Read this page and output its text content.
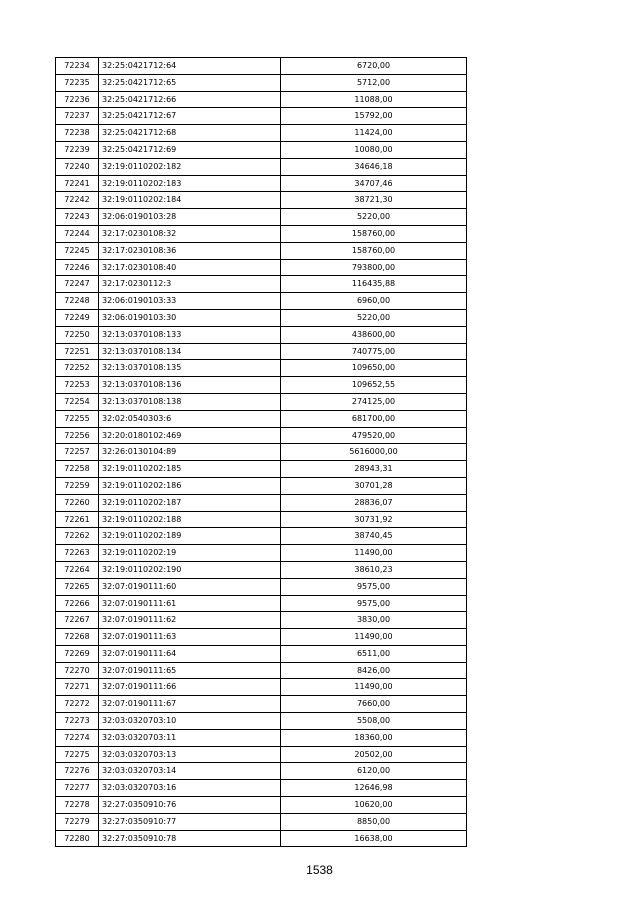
72234	32:25:0421712:64	6720,00
72235	32:25:0421712:65	5712,00
72236	32:25:0421712:66	11088,00
72237	32:25:0421712:67	15792,00
72238	32:25:0421712:68	11424,00
72239	32:25:0421712:69	10080,00
72240	32:19:0110202:182	34646,18
72241	32:19:0110202:183	34707,46
72242	32:19:0110202:184	38721,30
72243	32:06:0190103:28	5220,00
72244	32:17:0230108:32	158760,00
72245	32:17:0230108:36	158760,00
72246	32:17:0230108:40	793800,00
72247	32:17:0230112:3	116435,88
72248	32:06:0190103:33	6960,00
72249	32:06:0190103:30	5220,00
72250	32:13:0370108:133	438600,00
72251	32:13:0370108:134	740775,00
72252	32:13:0370108:135	109650,00
72253	32:13:0370108:136	109652,55
72254	32:13:0370108:138	274125,00
72255	32:02:0540303:6	681700,00
72256	32:20:0180102:469	479520,00
72257	32:26:0130104:89	5616000,00
72258	32:19:0110202:185	28943,31
72259	32:19:0110202:186	30701,28
72260	32:19:0110202:187	28836,07
72261	32:19:0110202:188	30731,92
72262	32:19:0110202:189	38740,45
72263	32:19:0110202:19	11490,00
72264	32:19:0110202:190	38610,23
72265	32:07:0190111:60	9575,00
72266	32:07:0190111:61	9575,00
72267	32:07:0190111:62	3830,00
72268	32:07:0190111:63	11490,00
72269	32:07:0190111:64	6511,00
72270	32:07:0190111:65	8426,00
72271	32:07:0190111:66	11490,00
72272	32:07:0190111:67	7660,00
72273	32:03:0320703:10	5508,00
72274	32:03:0320703:11	18360,00
72275	32:03:0320703:13	20502,00
72276	32:03:0320703:14	6120,00
72277	32:03:0320703:16	12646,98
72278	32:27:0350910:76	10620,00
72279	32:27:0350910:77	8850,00
72280	32:27:0350910:78	16638,00
1538
